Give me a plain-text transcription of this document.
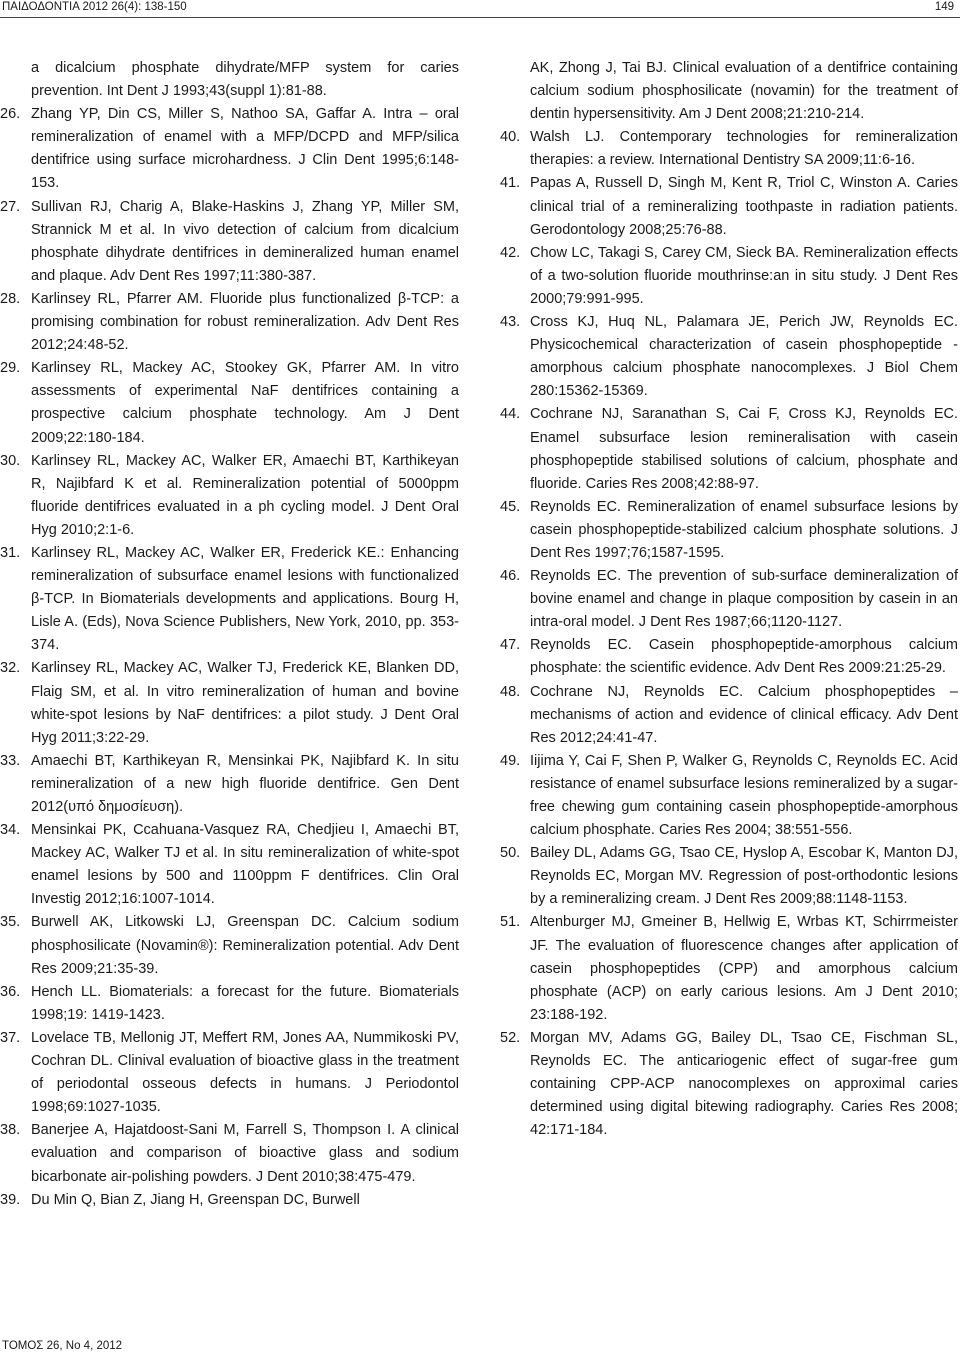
ΠΑΙΔΟΔΟΝΤΙΑ 2012 26(4): 138-150	149

a dicalcium phosphate dihydrate/MFP system for caries prevention. Int Dent J 1993;43(suppl 1):81-88.

26. Zhang YP, Din CS, Miller S, Nathoo SA, Gaffar A. Intra – oral remineralization of enamel with a MFP/DCPD and MFP/silica dentifrice using surface microhardness. J Clin Dent 1995;6:148-153.

27. Sullivan RJ, Charig A, Blake-Haskins J, Zhang YP, Miller SM, Strannick M et al. In vivo detection of calcium from dicalcium phosphate dihydrate dentifrices in demineralized human enamel and plaque. Adv Dent Res 1997;11:380-387.

28. Karlinsey RL, Pfarrer AM. Fluoride plus functionalized β-TCP: a promising combination for robust remineralization. Adv Dent Res 2012;24:48-52.

29. Karlinsey RL, Mackey AC, Stookey GK, Pfarrer AM. In vitro assessments of experimental NaF dentifrices containing a prospective calcium phosphate technology. Am J Dent 2009;22:180-184.

30. Karlinsey RL, Mackey AC, Walker ER, Amaechi BT, Karthikeyan R, Najibfard K et al. Remineralization potential of 5000ppm fluoride dentifrices evaluated in a ph cycling model. J Dent Oral Hyg 2010;2:1-6.

31. Karlinsey RL, Mackey AC, Walker ER, Frederick KE.: Enhancing remineralization of subsurface enamel lesions with functionalized β-TCP. In Biomaterials developments and applications. Bourg H, Lisle A. (Eds), Nova Science Publishers, New York, 2010, pp. 353-374.

32. Karlinsey RL, Mackey AC, Walker TJ, Frederick KE, Blanken DD, Flaig SM, et al. In vitro remineralization of human and bovine white-spot lesions by NaF dentifrices: a pilot study. J Dent Oral Hyg 2011;3:22-29.

33. Amaechi BT, Karthikeyan R, Mensinkai PK, Najibfard K. In situ remineralization of a new high fluoride dentifrice. Gen Dent 2012(υπό δημοσίευση).

34. Mensinkai PK, Ccahuana-Vasquez RA, Chedjieu I, Amaechi BT, Mackey AC, Walker TJ et al. In situ remineralization of white-spot enamel lesions by 500 and 1100ppm F dentifrices. Clin Oral Investig 2012;16:1007-1014.

35. Burwell AK, Litkowski LJ, Greenspan DC. Calcium sodium phosphosilicate (Novamin®): Remineralization potential. Adv Dent Res 2009;21:35-39.

36. Hench LL. Biomaterials: a forecast for the future. Biomaterials 1998;19: 1419-1423.

37. Lovelace TB, Mellonig JT, Meffert RM, Jones AA, Nummikoski PV, Cochran DL. Clinival evaluation of bioactive glass in the treatment of periodontal osseous defects in humans. J Periodontol 1998;69:1027-1035.

38. Banerjee A, Hajatdoost-Sani M, Farrell S, Thompson I. A clinical evaluation and comparison of bioactive glass and sodium bicarbonate air-polishing powders. J Dent 2010;38:475-479.

39. Du Min Q, Bian Z, Jiang H, Greenspan DC, Burwell

AK, Zhong J, Tai BJ. Clinical evaluation of a dentifrice containing calcium sodium phosphosilicate (novamin) for the treatment of dentin hypersensitivity. Am J Dent 2008;21:210-214.

40. Walsh LJ. Contemporary technologies for remineralization therapies: a review. International Dentistry SA 2009;11:6-16.

41. Papas A, Russell D, Singh M, Kent R, Triol C, Winston A. Caries clinical trial of a remineralizing toothpaste in radiation patients. Gerodontology 2008;25:76-88.

42. Chow LC, Takagi S, Carey CM, Sieck BA. Remineralization effects of a two-solution fluoride mouthrinse:an in situ study. J Dent Res 2000;79:991-995.

43. Cross KJ, Huq NL, Palamara JE, Perich JW, Reynolds EC. Physicochemical characterization of casein phosphopeptide - amorphous calcium phosphate nanocomplexes. J Biol Chem 280:15362-15369.

44. Cochrane NJ, Saranathan S, Cai F, Cross KJ, Reynolds EC. Enamel subsurface lesion remineralisation with casein phosphopeptide stabilised solutions of calcium, phosphate and fluoride. Caries Res 2008;42:88-97.

45. Reynolds EC. Remineralization of enamel subsurface lesions by casein phosphopeptide-stabilized calcium phosphate solutions. J Dent Res 1997;76;1587-1595.

46. Reynolds EC. The prevention of sub-surface demineralization of bovine enamel and change in plaque composition by casein in an intra-oral model. J Dent Res 1987;66;1120-1127.

47. Reynolds EC. Casein phosphopeptide-amorphous calcium phosphate: the scientific evidence. Adv Dent Res 2009:21:25-29.

48. Cochrane NJ, Reynolds EC. Calcium phosphopeptides – mechanisms of action and evidence of clinical efficacy. Adv Dent Res 2012;24:41-47.

49. Iijima Y, Cai F, Shen P, Walker G, Reynolds C, Reynolds EC. Acid resistance of enamel subsurface lesions remineralized by a sugar-free chewing gum containing casein phosphopeptide-amorphous calcium phosphate. Caries Res 2004; 38:551-556.

50. Bailey DL, Adams GG, Tsao CE, Hyslop A, Escobar K, Manton DJ, Reynolds EC, Morgan MV. Regression of post-orthodontic lesions by a remineralizing cream. J Dent Res 2009;88:1148-1153.

51. Altenburger MJ, Gmeiner B, Hellwig E, Wrbas KT, Schirrmeister JF. The evaluation of fluorescence changes after application of casein phosphopeptides (CPP) and amorphous calcium phosphate (ACP) on early carious lesions. Am J Dent 2010; 23:188-192.

52. Morgan MV, Adams GG, Bailey DL, Tsao CE, Fischman SL, Reynolds EC. The anticariogenic effect of sugar-free gum containing CPP-ACP nanocomplexes on approximal caries determined using digital bitewing radiography. Caries Res 2008; 42:171-184.

ΤΟΜΟΣ 26, Νο 4, 2012
